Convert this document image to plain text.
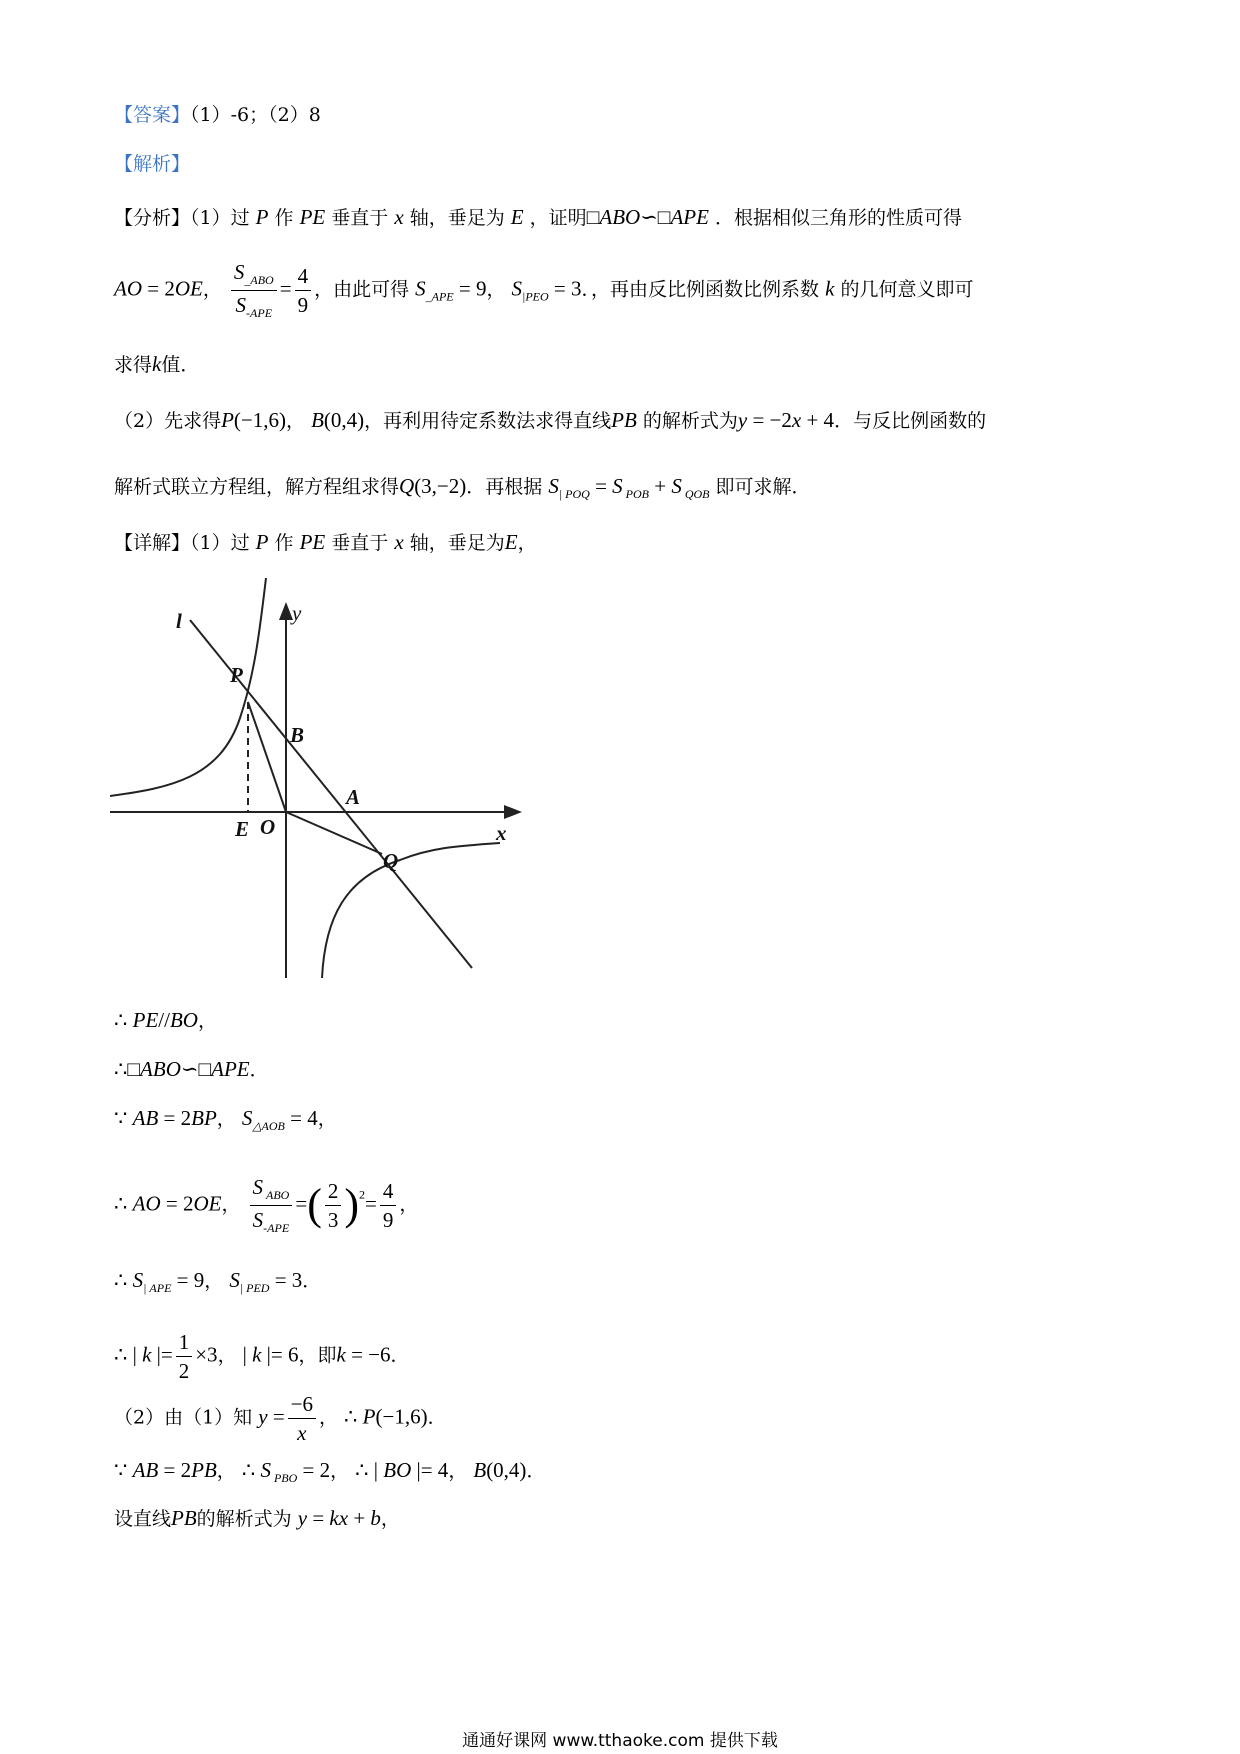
【答案】（1）-6；（2）8
【解析】
【分析】（1）过 P 作 PE 垂直于 x 轴，垂足为 E ，证明□ABO∽□APE ．根据相似三角形的性质可得
AO = 2OE， $\frac{S_{\_ABO}}{S_{-APE}} = \frac{4}{9}$ ，由此可得 $S_{\_APE} = 9$， $S_{|PEO} = 3$．，再由反比例函数比例系数 k 的几何意义即可
求得k值．
（2）先求得P(−1,6)， B(0,4)，再利用待定系数法求得直线PB 的解析式为y = −2x + 4．与反比例函数的
解析式联立方程组，解方程组求得Q(3,−2)．再根据 $S_{| POQ} = S$ $_{POB}$ + S $_{QOB}$ 即可求解．
【详解】（1）过 P 作 PE 垂直于 x 轴，垂足为E，
l	y
P
B
A
E O
Q
x
∴ PE//BO，
∴□ABO∽□APE．
∵ AB = 2BP， $S_{\triangle AOB} = 4$，
∴ AO = 2OE， $\frac{S _{ABO}}{S_{-APE}}$ =( $\frac{2}{3} )^2= \frac{4}{9}$ ，
∴ $S_{| APE} = 9$， $S_{| PED} = 3$．
∴ | k |= $\frac{1}{2} \times 3$， | k |= 6，即k = −6．
（2）由（1）知 $y = \frac{-6}{x}$ ， ∴ P(−1,6)．
∵ AB = 2PB， ∴ S $_{PBO}$ = 2， ∴ | BO |= 4， B(0,4)．
设直线PB的解析式为 y = kx + b，
通通好课网 www.tthaoke.com 提供下载
